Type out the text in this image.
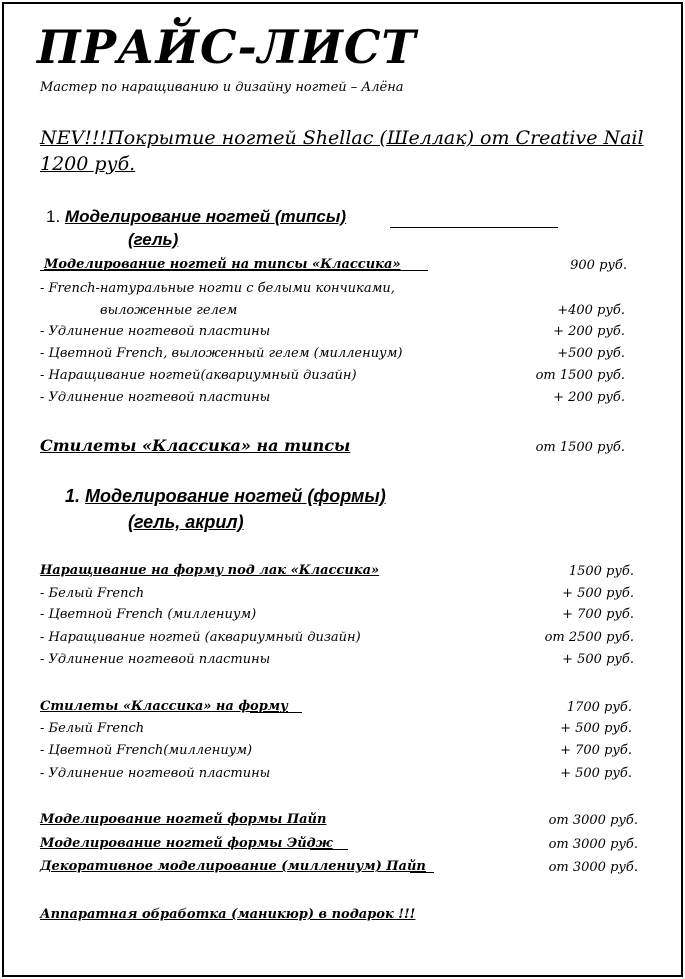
ПРАЙС-ЛИСТ
Мастер по наращиванию и дизайну ногтей – Алёна
NEV!!!Покрытие ногтей Shellac (Шеллак) от Creative Nail
1200 руб.
1. Моделирование ногтей (типсы)
(гель)
Моделирование ногтей на типсы «Классика»	900 руб.
- French-натуральные ногти с белыми кончиками,
выложенные гелем	+400 руб.
- Удлинение ногтевой пластины	+ 200 руб.
- Цветной French, выложенный гелем (миллениум)	+500 руб.
- Наращивание ногтей(аквариумный дизайн)	от 1500 руб.
- Удлинение ногтевой пластины	+ 200 руб.
Стилеты «Классика» на типсы	от 1500 руб.
1. Моделирование ногтей (формы)
(гель, акрил)
Наращивание на форму под лак «Классика»	1500 руб.
- Белый French	+ 500 руб.
- Цветной French (миллениум)	+ 700 руб.
- Наращивание ногтей (аквариумный дизайн)	от 2500 руб.
- Удлинение ногтевой пластины	+ 500 руб.
Стилеты «Классика» на форму	1700 руб.
- Белый French	+ 500 руб.
- Цветной French(миллениум)	+ 700 руб.
- Удлинение ногтевой пластины	+ 500 руб.
Моделирование ногтей формы Пайп	от 3000 руб.
Моделирование ногтей формы Эйдж	от 3000 руб.
Декоративное моделирование (миллениум) Пайп	от 3000 руб.
Аппаратная обработка (маникюр) в подарок !!!
